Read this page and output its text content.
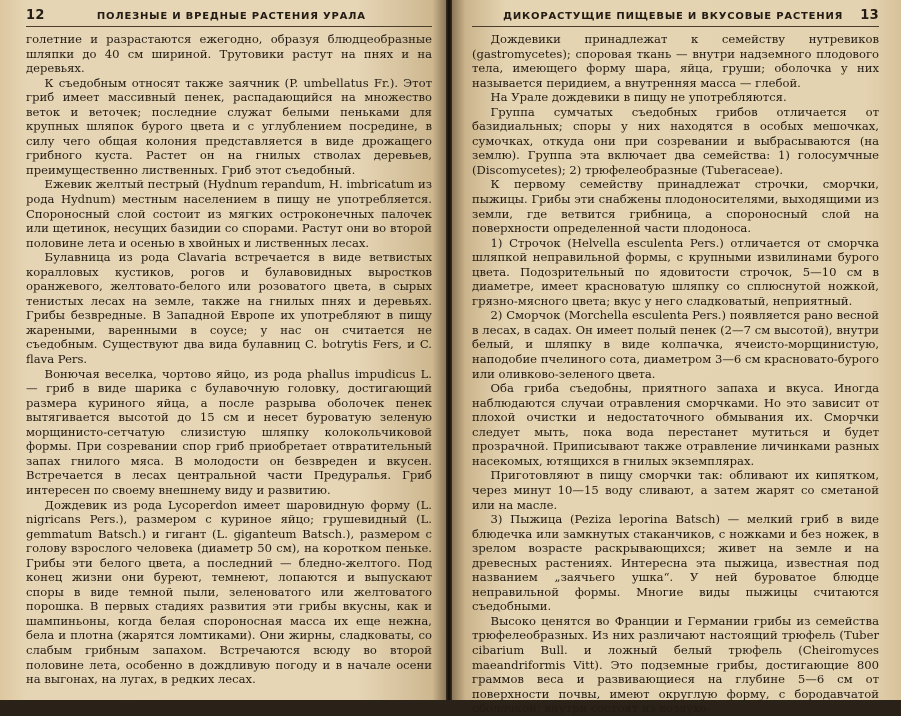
12	ПОЛЕЗНЫЕ И ВРЕДНЫЕ РАСТЕНИЯ УРАЛА

голетние и разрастаются ежегодно, образуя блюдцеобразные шляпки до 40 см шириной. Трутовики растут на пнях и на деревьях.

К съедобным относят также заячник (P. umbellatus Fr.). Этот гриб имеет массивный пенек, распадающийся на множество веток и веточек; последние служат белыми пеньками для крупных шляпок бурого цвета и с углублением посредине, в силу чего общая колония представляется в виде дрожащего грибного куста. Растет он на гнилых стволах деревьев, преимущественно лиственных. Гриб этот съедобный.

Ежевик желтый пестрый (Hydnum repandum, H. imbricatum из рода Hydnum) местным населением в пищу не употребляется. Спороносный слой состоит из мягких остроконечных палочек или щетинок, несущих базидии со спорами. Растут они во второй половине лета и осенью в хвойных и лиственных лесах.

Булавница из рода Clavaria встречается в виде ветвистых коралловых кустиков, рогов и булавовидных выростков оранжевого, желтовато-белого или розоватого цвета, в сырых тенистых лесах на земле, также на гнилых пнях и деревьях. Грибы безвредные. В Западной Европе их употребляют в пищу жареными, варенными в соусе; у нас он считается не съедобным. Существуют два вида булавниц C. botrytis Fers, и C. flava Pers.

Вонючая веселка, чортово яйцо, из рода phallus impudicus L. — гриб в виде шарика с булавочную головку, достигающий размера куриного яйца, а после разрыва оболочек пенек вытягивается высотой до 15 см и несет буроватую зеленую морщинисто-сетчатую слизистую шляпку колокольчиковой формы. При созревании спор гриб приобретает отвратительный запах гнилого мяса. В молодости он безвреден и вкусен. Встречается в лесах центральной части Предуралья. Гриб интересен по своему внешнему виду и развитию.

Дождевик из рода Lycoperdon имеет шаровидную форму (L. nigricans Pers.), размером с куриное яйцо; грушевидный (L. gemmatum Batsch.) и гигант (L. giganteum Batsch.), размером с голову взрослого человека (диаметр 50 см), на коротком пеньке. Грибы эти белого цвета, а последний — бледно-желтого. Под конец жизни они буреют, темнеют, лопаются и выпускают споры в виде темной пыли, зеленоватого или желтоватого порошка. В первых стадиях развития эти грибы вкусны, как и шампиньоны, когда белая спороносная масса их еще нежна, бела и плотна (жарятся ломтиками). Они жирны, сладковаты, со слабым грибным запахом. Встречаются всюду во второй половине лета, особенно в дождливую погоду и в начале осени на выгонах, на лугах, в редких лесах.

ДИКОРАСТУЩИЕ ПИЩЕВЫЕ И ВКУСОВЫЕ РАСТЕНИЯ 13

Дождевики принадлежат к семейству нутревиков (gastromycetes); споровая ткань — внутри надземного плодового тела, имеющего форму шара, яйца, груши; оболочка у них называется перидием, а внутренняя масса — глебой.

На Урале дождевики в пищу не употребляются.

Группа сумчатых съедобных грибов отличается от базидиальных; споры у них находятся в особых мешочках, сумочках, откуда они при созревании и выбрасываются (на землю). Группа эта включает два семейства: 1) голосумчные (Discomycetes); 2) трюфелеобразные (Tuberaceae).

К первому семейству принадлежат строчки, сморчки, пыжицы. Грибы эти снабжены плодоносителями, выходящими из земли, где ветвится грибница, а спороносный слой на поверхности определенной части плодоноса.

1) Строчок (Helvella esculenta Pers.) отличается от сморчка шляпкой неправильной формы, с крупными извилинами бурого цвета. Подозрительный по ядовитости строчок, 5—10 см в диаметре, имеет красноватую шляпку со сплюснутой ножкой, грязно-мясного цвета; вкус у него сладковатый, неприятный.

2) Сморчок (Morchella esculenta Pers.) появляется рано весной в лесах, в садах. Он имеет полый пенек (2—7 см высотой), внутри белый, и шляпку в виде колпачка, ячеисто-морщинистую, наподобие пчелиного сота, диаметром 3—6 см красновато-бурого или оливково-зеленого цвета.

Оба гриба съедобны, приятного запаха и вкуса. Иногда наблюдаются случаи отравления сморчками. Но это зависит от плохой очистки и недостаточного обмывания их. Сморчки следует мыть, пока вода перестанет мутиться и будет прозрачной. Приписывают также отравление личинками разных насекомых, ютящихся в гнилых экземплярах.

Приготовляют в пищу сморчки так: обливают их кипятком, через минут 10—15 воду сливают, а затем жарят со сметаной или на масле.

3) Пыжица (Peziza leporina Batsch) — мелкий гриб в виде блюдечка или замкнутых стаканчиков, с ножками и без ножек, в зрелом возрасте раскрывающихся; живет на земле и на древесных растениях. Интересна эта пыжица, известная под названием „заячьего ушка“. У ней буроватое блюдце неправильной формы. Многие виды пыжицы считаются съедобными.

Высоко ценятся во Франции и Германии грибы из семейства трюфелеобразных. Из них различают настоящий трюфель (Tuber cibarium Bull. и ложный белый трюфель (Cheiromyces maeandriformis Vitt). Это подземные грибы, достигающие 800 граммов веса и развивающиеся на глубине 5—6 см от поверхности почвы, имеют округлую форму, с бородавчатой оболочкой; внутри состоят из воздухо-
